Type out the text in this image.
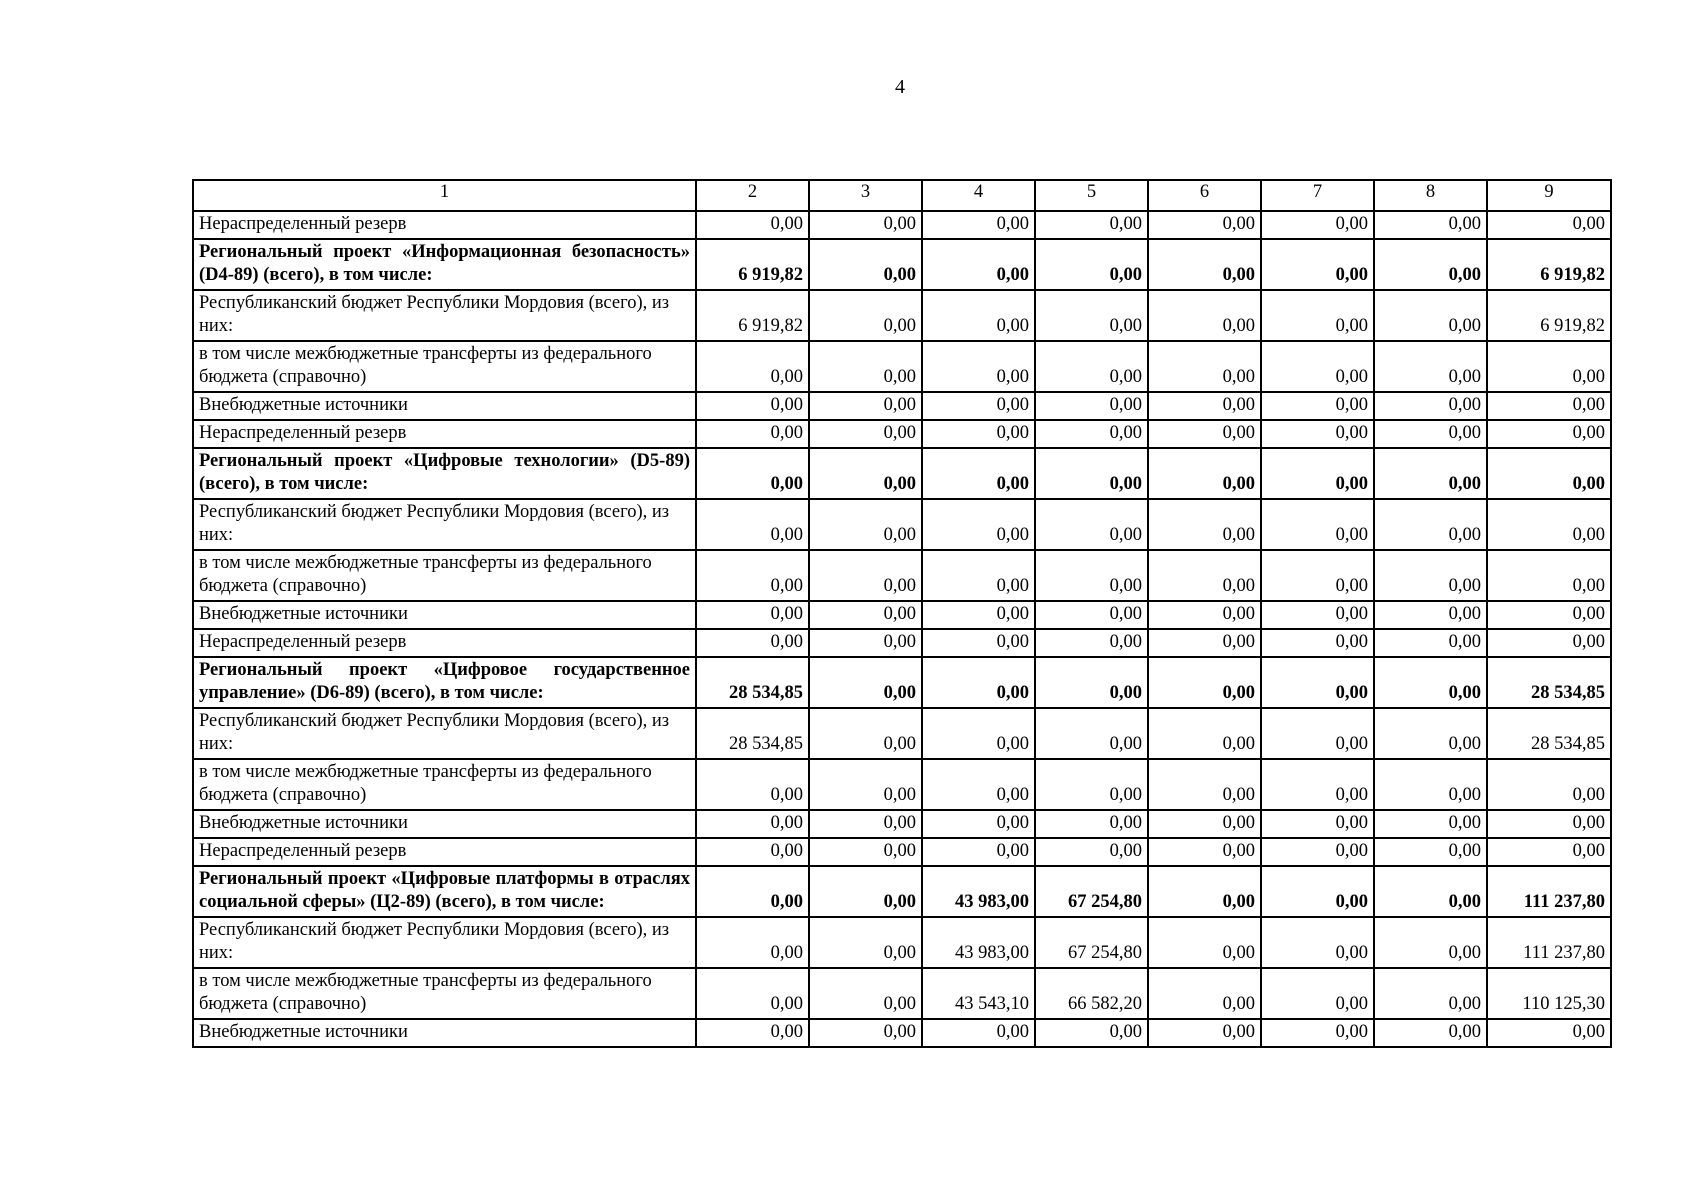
4
1	2	3	4	5	6	7	8	9
Нераспределенный резерв	0,00	0,00	0,00	0,00	0,00	0,00	0,00	0,00
Региональный проект «Информационная безопасность» (D4-89) (всего), в том числе:	6 919,82	0,00	0,00	0,00	0,00	0,00	0,00	6 919,82
Республиканский бюджет Республики Мордовия (всего), из них:	6 919,82	0,00	0,00	0,00	0,00	0,00	0,00	6 919,82
в том числе межбюджетные трансферты из федерального бюджета (справочно)	0,00	0,00	0,00	0,00	0,00	0,00	0,00	0,00
Внебюджетные источники	0,00	0,00	0,00	0,00	0,00	0,00	0,00	0,00
Нераспределенный резерв	0,00	0,00	0,00	0,00	0,00	0,00	0,00	0,00
Региональный проект «Цифровые технологии» (D5-89) (всего), в том числе:	0,00	0,00	0,00	0,00	0,00	0,00	0,00	0,00
Республиканский бюджет Республики Мордовия (всего), из них:	0,00	0,00	0,00	0,00	0,00	0,00	0,00	0,00
в том числе межбюджетные трансферты из федерального бюджета (справочно)	0,00	0,00	0,00	0,00	0,00	0,00	0,00	0,00
Внебюджетные источники	0,00	0,00	0,00	0,00	0,00	0,00	0,00	0,00
Нераспределенный резерв	0,00	0,00	0,00	0,00	0,00	0,00	0,00	0,00
Региональный проект «Цифровое государственное управление» (D6-89) (всего), в том числе:	28 534,85	0,00	0,00	0,00	0,00	0,00	0,00	28 534,85
Республиканский бюджет Республики Мордовия (всего), из них:	28 534,85	0,00	0,00	0,00	0,00	0,00	0,00	28 534,85
в том числе межбюджетные трансферты из федерального бюджета (справочно)	0,00	0,00	0,00	0,00	0,00	0,00	0,00	0,00
Внебюджетные источники	0,00	0,00	0,00	0,00	0,00	0,00	0,00	0,00
Нераспределенный резерв	0,00	0,00	0,00	0,00	0,00	0,00	0,00	0,00
Региональный проект «Цифровые платформы в отраслях социальной сферы» (Ц2-89) (всего), в том числе:	0,00	0,00	43 983,00	67 254,80	0,00	0,00	0,00	111 237,80
Республиканский бюджет Республики Мордовия (всего), из них:	0,00	0,00	43 983,00	67 254,80	0,00	0,00	0,00	111 237,80
в том числе межбюджетные трансферты из федерального бюджета (справочно)	0,00	0,00	43 543,10	66 582,20	0,00	0,00	0,00	110 125,30
Внебюджетные источники	0,00	0,00	0,00	0,00	0,00	0,00	0,00	0,00
